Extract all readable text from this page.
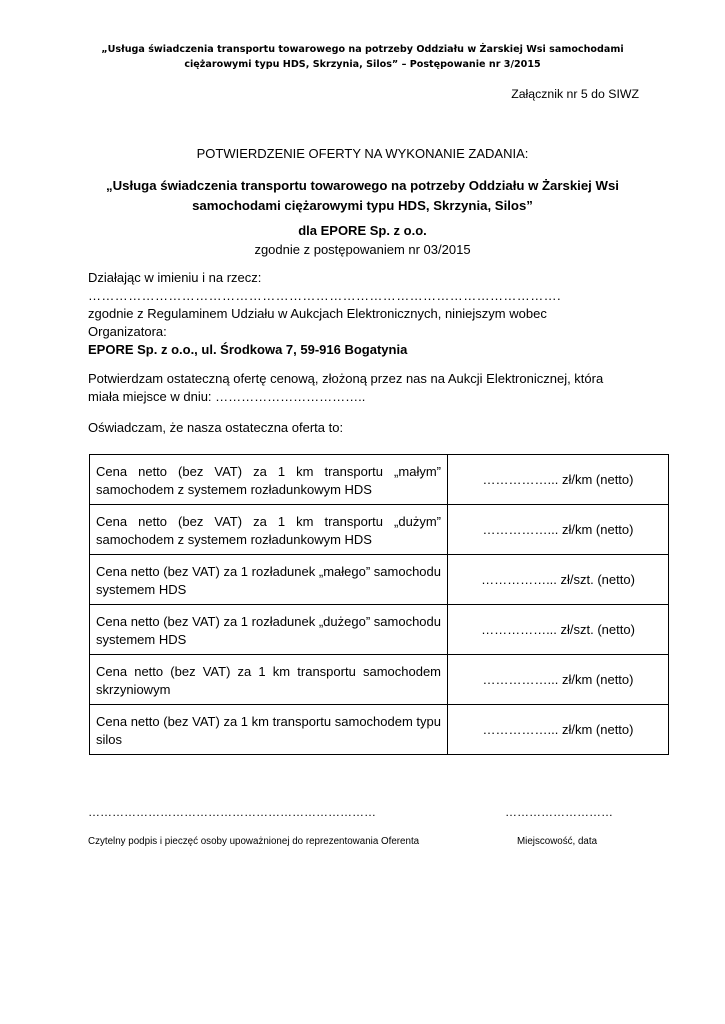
„Usługa świadczenia transportu towarowego na potrzeby Oddziału w Żarskiej Wsi samochodami
ciężarowymi typu HDS, Skrzynia, Silos” – Postępowanie nr 3/2015
Załącznik nr 5 do SIWZ
POTWIERDZENIE OFERTY NA WYKONANIE ZADANIA:
„Usługa świadczenia transportu towarowego na potrzeby Oddziału w Żarskiej Wsi
samochodami ciężarowymi typu HDS, Skrzynia, Silos”
dla EPORE Sp. z o.o.
zgodnie z postępowaniem nr 03/2015
Działając w imieniu i na rzecz:
…………………………………………………………………………………………….
zgodnie z Regulaminem Udziału w Aukcjach Elektronicznych, niniejszym wobec
Organizatora:
EPORE Sp. z o.o., ul. Środkowa 7, 59-916 Bogatynia
Potwierdzam ostateczną ofertę cenową, złożoną przez nas na Aukcji Elektronicznej, która
miała miejsce w dniu: ……………………………..
Oświadczam, że nasza ostateczna oferta to:
Cena netto (bez VAT) za 1 km transportu „małym” samochodem z systemem rozładunkowym HDS	……………... zł/km (netto)
Cena netto (bez VAT) za 1 km transportu „dużym” samochodem z systemem rozładunkowym HDS	……………... zł/km (netto)
Cena netto (bez VAT) za 1 rozładunek „małego” samochodu systemem HDS	……………... zł/szt. (netto)
Cena netto (bez VAT) za 1 rozładunek „dużego” samochodu systemem HDS	……………... zł/szt. (netto)
Cena netto (bez VAT) za 1 km transportu samochodem skrzyniowym	……………... zł/km (netto)
Cena netto (bez VAT) za 1 km transportu samochodem typu silos	……………... zł/km (netto)
………………………………………………………………	………………………
Czytelny podpis i pieczęć osoby upoważnionej do reprezentowania Oferenta	Miejscowość, data
